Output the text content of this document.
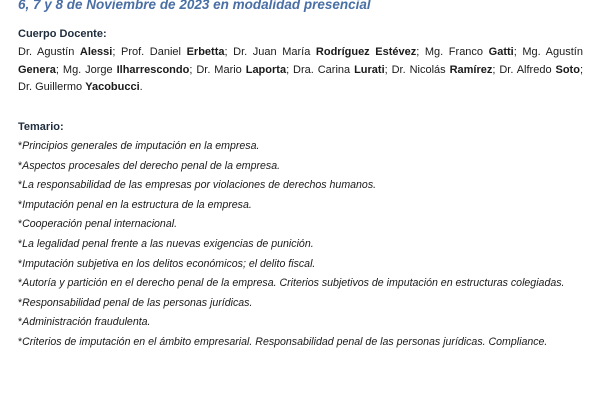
6, 7 y 8 de Noviembre de 2023 en modalidad presencial
Cuerpo Docente:

Dr. Agustín Alessi; Prof. Daniel Erbetta; Dr. Juan María Rodríguez Estévez; Mg. Franco Gatti; Mg. Agustín Genera; Mg. Jorge Ilharrescondo; Dr. Mario Laporta; Dra. Carina Lurati; Dr. Nicolás Ramírez; Dr. Alfredo Soto; Dr. Guillermo Yacobucci.

Temario:
*Principios generales de imputación en la empresa.
*Aspectos procesales del derecho penal de la empresa.
*La responsabilidad de las empresas por violaciones de derechos humanos.
*Imputación penal en la estructura de la empresa.
*Cooperación penal internacional.
*La legalidad penal frente a las nuevas exigencias de punición.
*Imputación subjetiva en los delitos económicos; el delito fiscal.
*Autoría y partición en el derecho penal de la empresa. Criterios subjetivos de imputación en estructuras colegiadas.
*Responsabilidad penal de las personas jurídicas.
*Administración fraudulenta.
*Criterios de imputación en el ámbito empresarial. Responsabilidad penal de las personas jurídicas. Compliance.
